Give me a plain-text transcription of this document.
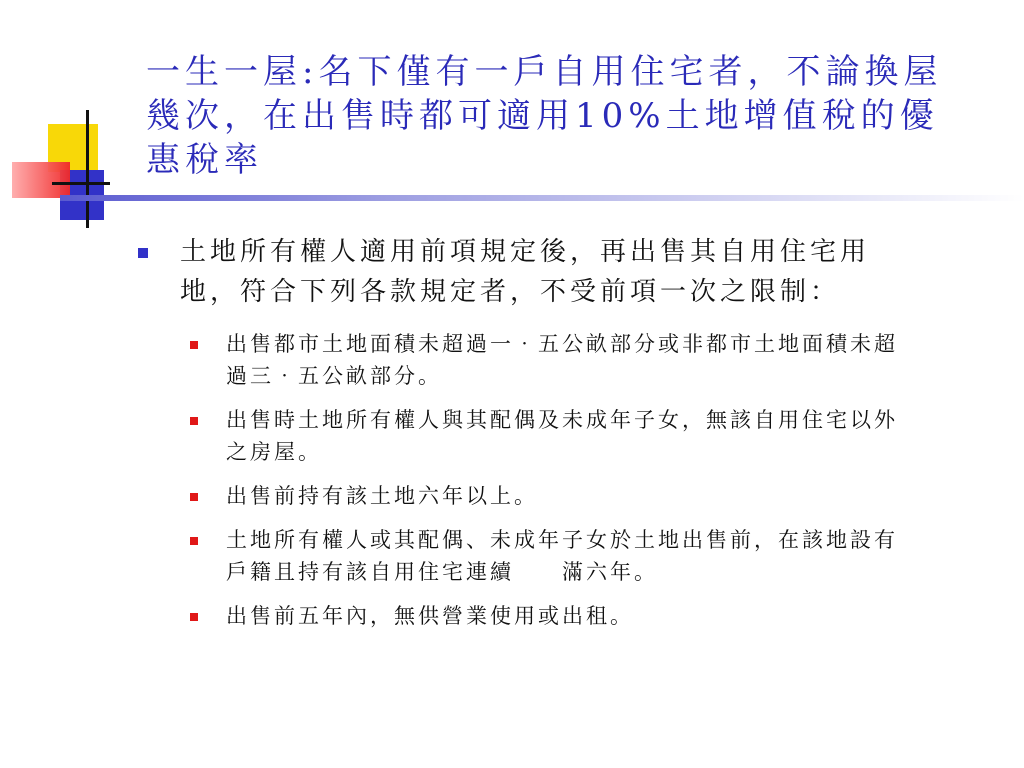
一生一屋:名下僅有一戶自用住宅者，不論換屋幾次，在出售時都可適用10%土地增值稅的優惠稅率
土地所有權人適用前項規定後，再出售其自用住宅用地，符合下列各款規定者，不受前項一次之限制：
出售都市土地面積未超過一‧五公畝部分或非都市土地面積未超過三‧五公畝部分。
出售時土地所有權人與其配偶及未成年子女，無該自用住宅以外之房屋。
出售前持有該土地六年以上。
土地所有權人或其配偶、未成年子女於土地出售前，在該地設有戶籍且持有該自用住宅連續 滿六年。
出售前五年內，無供營業使用或出租。
